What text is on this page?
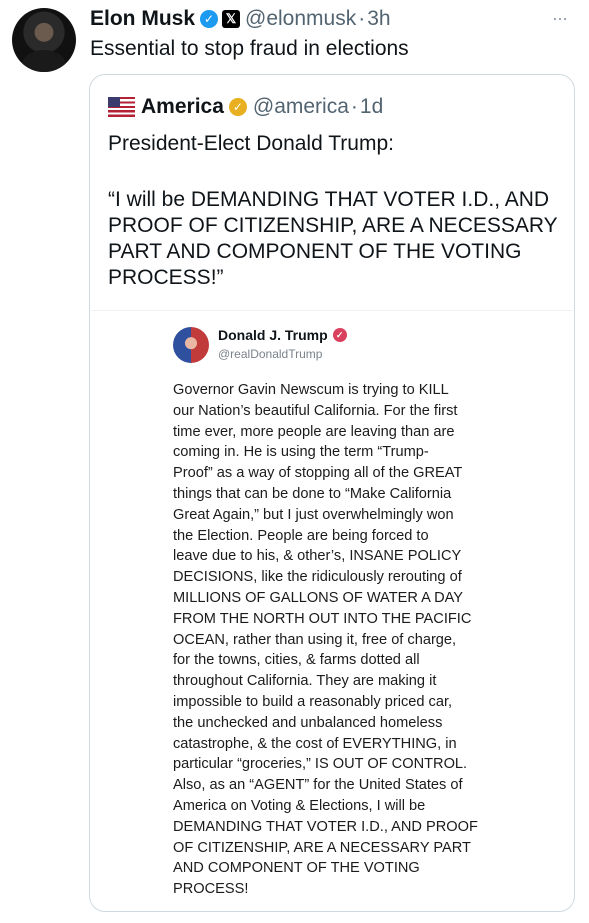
Elon Musk ✓ 𝕏 @elonmusk · 3h	···
Essential to stop fraud in elections
America ✓ @america · 1d
President-Elect Donald Trump:
“I will be DEMANDING THAT VOTER I.D., AND PROOF OF CITIZENSHIP, ARE A NECESSARY PART AND COMPONENT OF THE VOTING PROCESS!”
Donald J. Trump ✓
@realDonaldTrump
Governor Gavin Newscum is trying to KILL
our Nation’s beautiful California. For the first
time ever, more people are leaving than are
coming in. He is using the term “Trump-
Proof” as a way of stopping all of the GREAT
things that can be done to “Make California
Great Again,” but I just overwhelmingly won
the Election. People are being forced to
leave due to his, & other’s, INSANE POLICY
DECISIONS, like the ridiculously rerouting of
MILLIONS OF GALLONS OF WATER A DAY
FROM THE NORTH OUT INTO THE PACIFIC
OCEAN, rather than using it, free of charge,
for the towns, cities, & farms dotted all
throughout California. They are making it
impossible to build a reasonably priced car,
the unchecked and unbalanced homeless
catastrophe, & the cost of EVERYTHING, in
particular “groceries,” IS OUT OF CONTROL.
Also, as an “AGENT” for the United States of
America on Voting & Elections, I will be
DEMANDING THAT VOTER I.D., AND PROOF
OF CITIZENSHIP, ARE A NECESSARY PART
AND COMPONENT OF THE VOTING
PROCESS!
